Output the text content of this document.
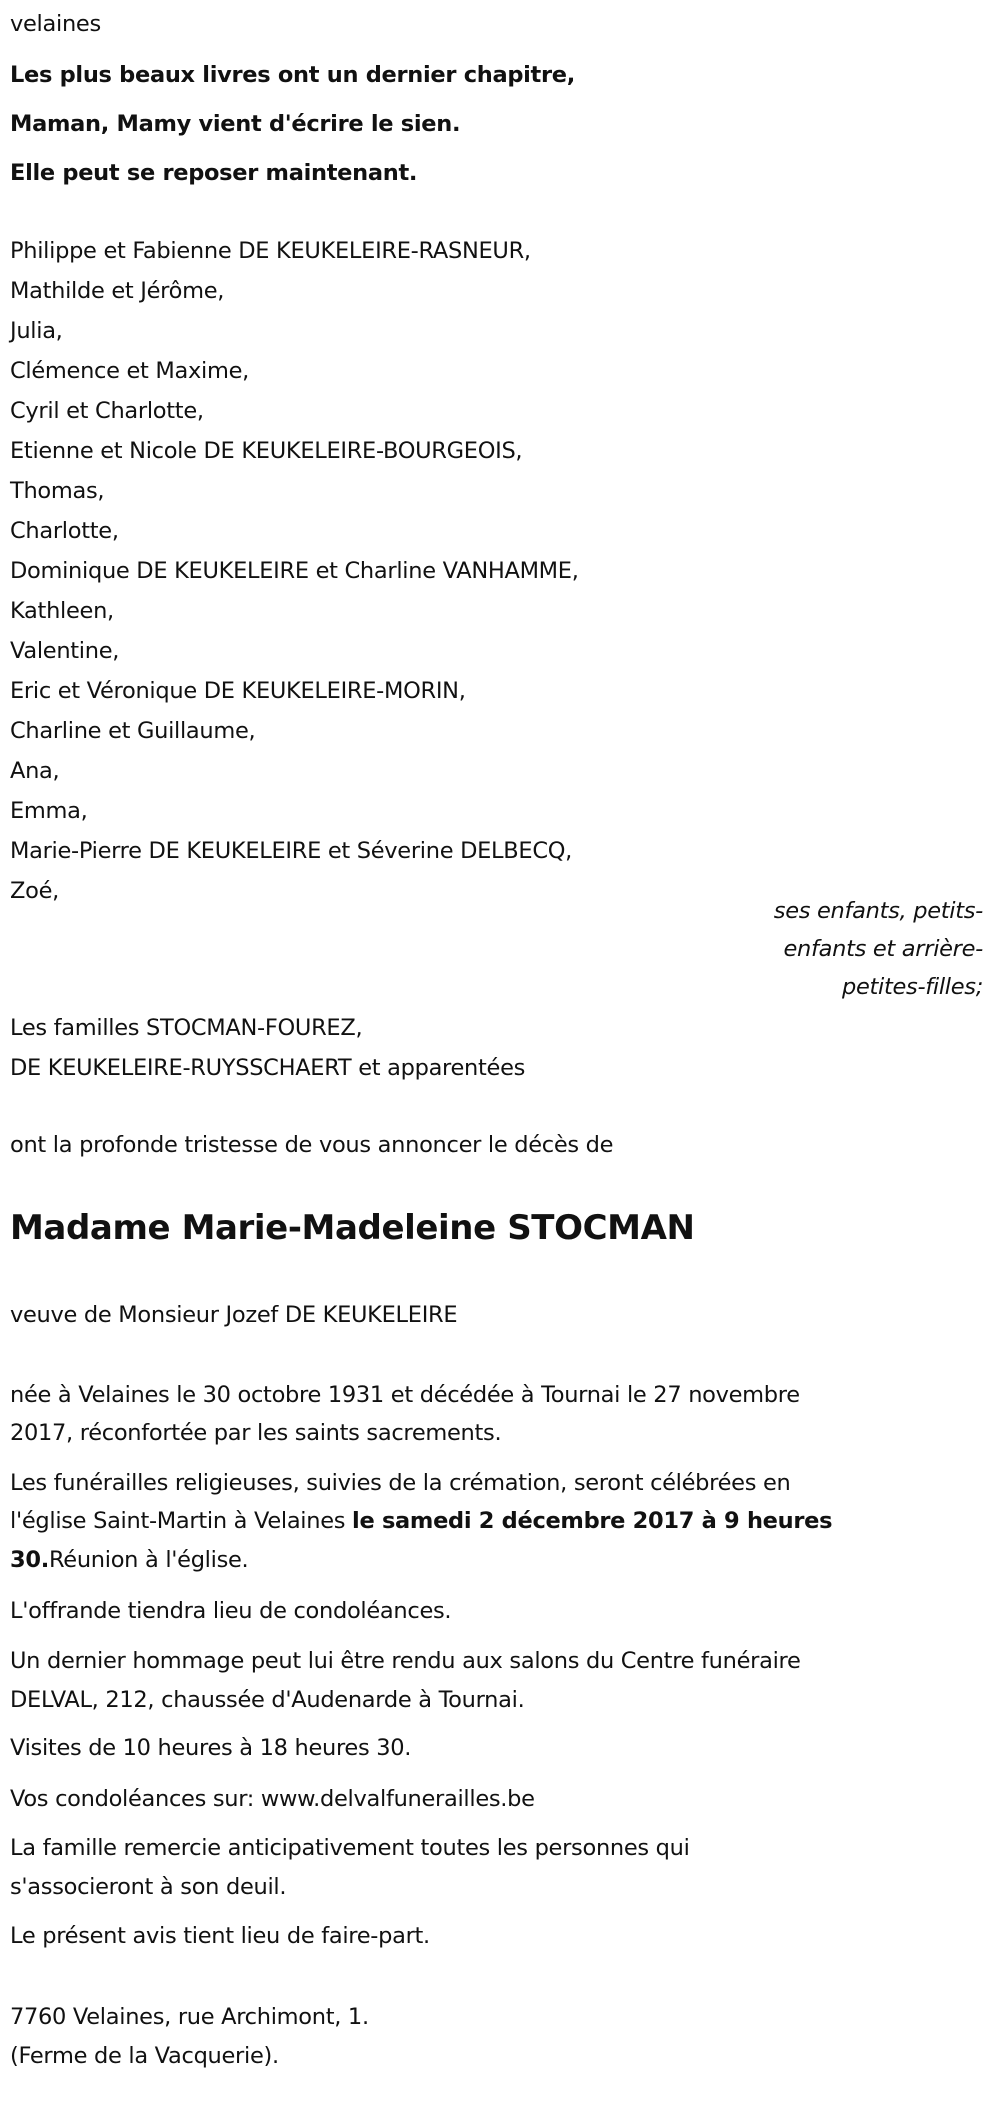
velaines
Les plus beaux livres ont un dernier chapitre,
Maman, Mamy vient d'écrire le sien.
Elle peut se reposer maintenant.
Philippe et Fabienne DE KEUKELEIRE-RASNEUR,
Mathilde et Jérôme,
Julia,
Clémence et Maxime,
Cyril et Charlotte,
Etienne et Nicole DE KEUKELEIRE-BOURGEOIS,
Thomas,
Charlotte,
Dominique DE KEUKELEIRE et Charline VANHAMME,
Kathleen,
Valentine,
Eric et Véronique DE KEUKELEIRE-MORIN,
Charline et Guillaume,
Ana,
Emma,
Marie-Pierre DE KEUKELEIRE et Séverine DELBECQ,
Zoé,
ses enfants, petits-
enfants et arrière-
petites-filles;
Les familles STOCMAN-FOUREZ,
DE KEUKELEIRE-RUYSSCHAERT et apparentées
ont la profonde tristesse de vous annoncer le décès de
Madame Marie-Madeleine STOCMAN
veuve de Monsieur Jozef DE KEUKELEIRE
née à Velaines le 30 octobre 1931 et décédée à Tournai le 27 novembre
2017, réconfortée par les saints sacrements.
Les funérailles religieuses, suivies de la crémation, seront célébrées en
l'église Saint-Martin à Velaines le samedi 2 décembre 2017 à 9 heures
30.Réunion à l'église.
L'offrande tiendra lieu de condoléances.
Un dernier hommage peut lui être rendu aux salons du Centre funéraire
DELVAL, 212, chaussée d'Audenarde à Tournai.
Visites de 10 heures à 18 heures 30.
Vos condoléances sur: www.delvalfunerailles.be
La famille remercie anticipativement toutes les personnes qui
s'associeront à son deuil.
Le présent avis tient lieu de faire-part.
7760 Velaines, rue Archimont, 1.
(Ferme de la Vacquerie).
